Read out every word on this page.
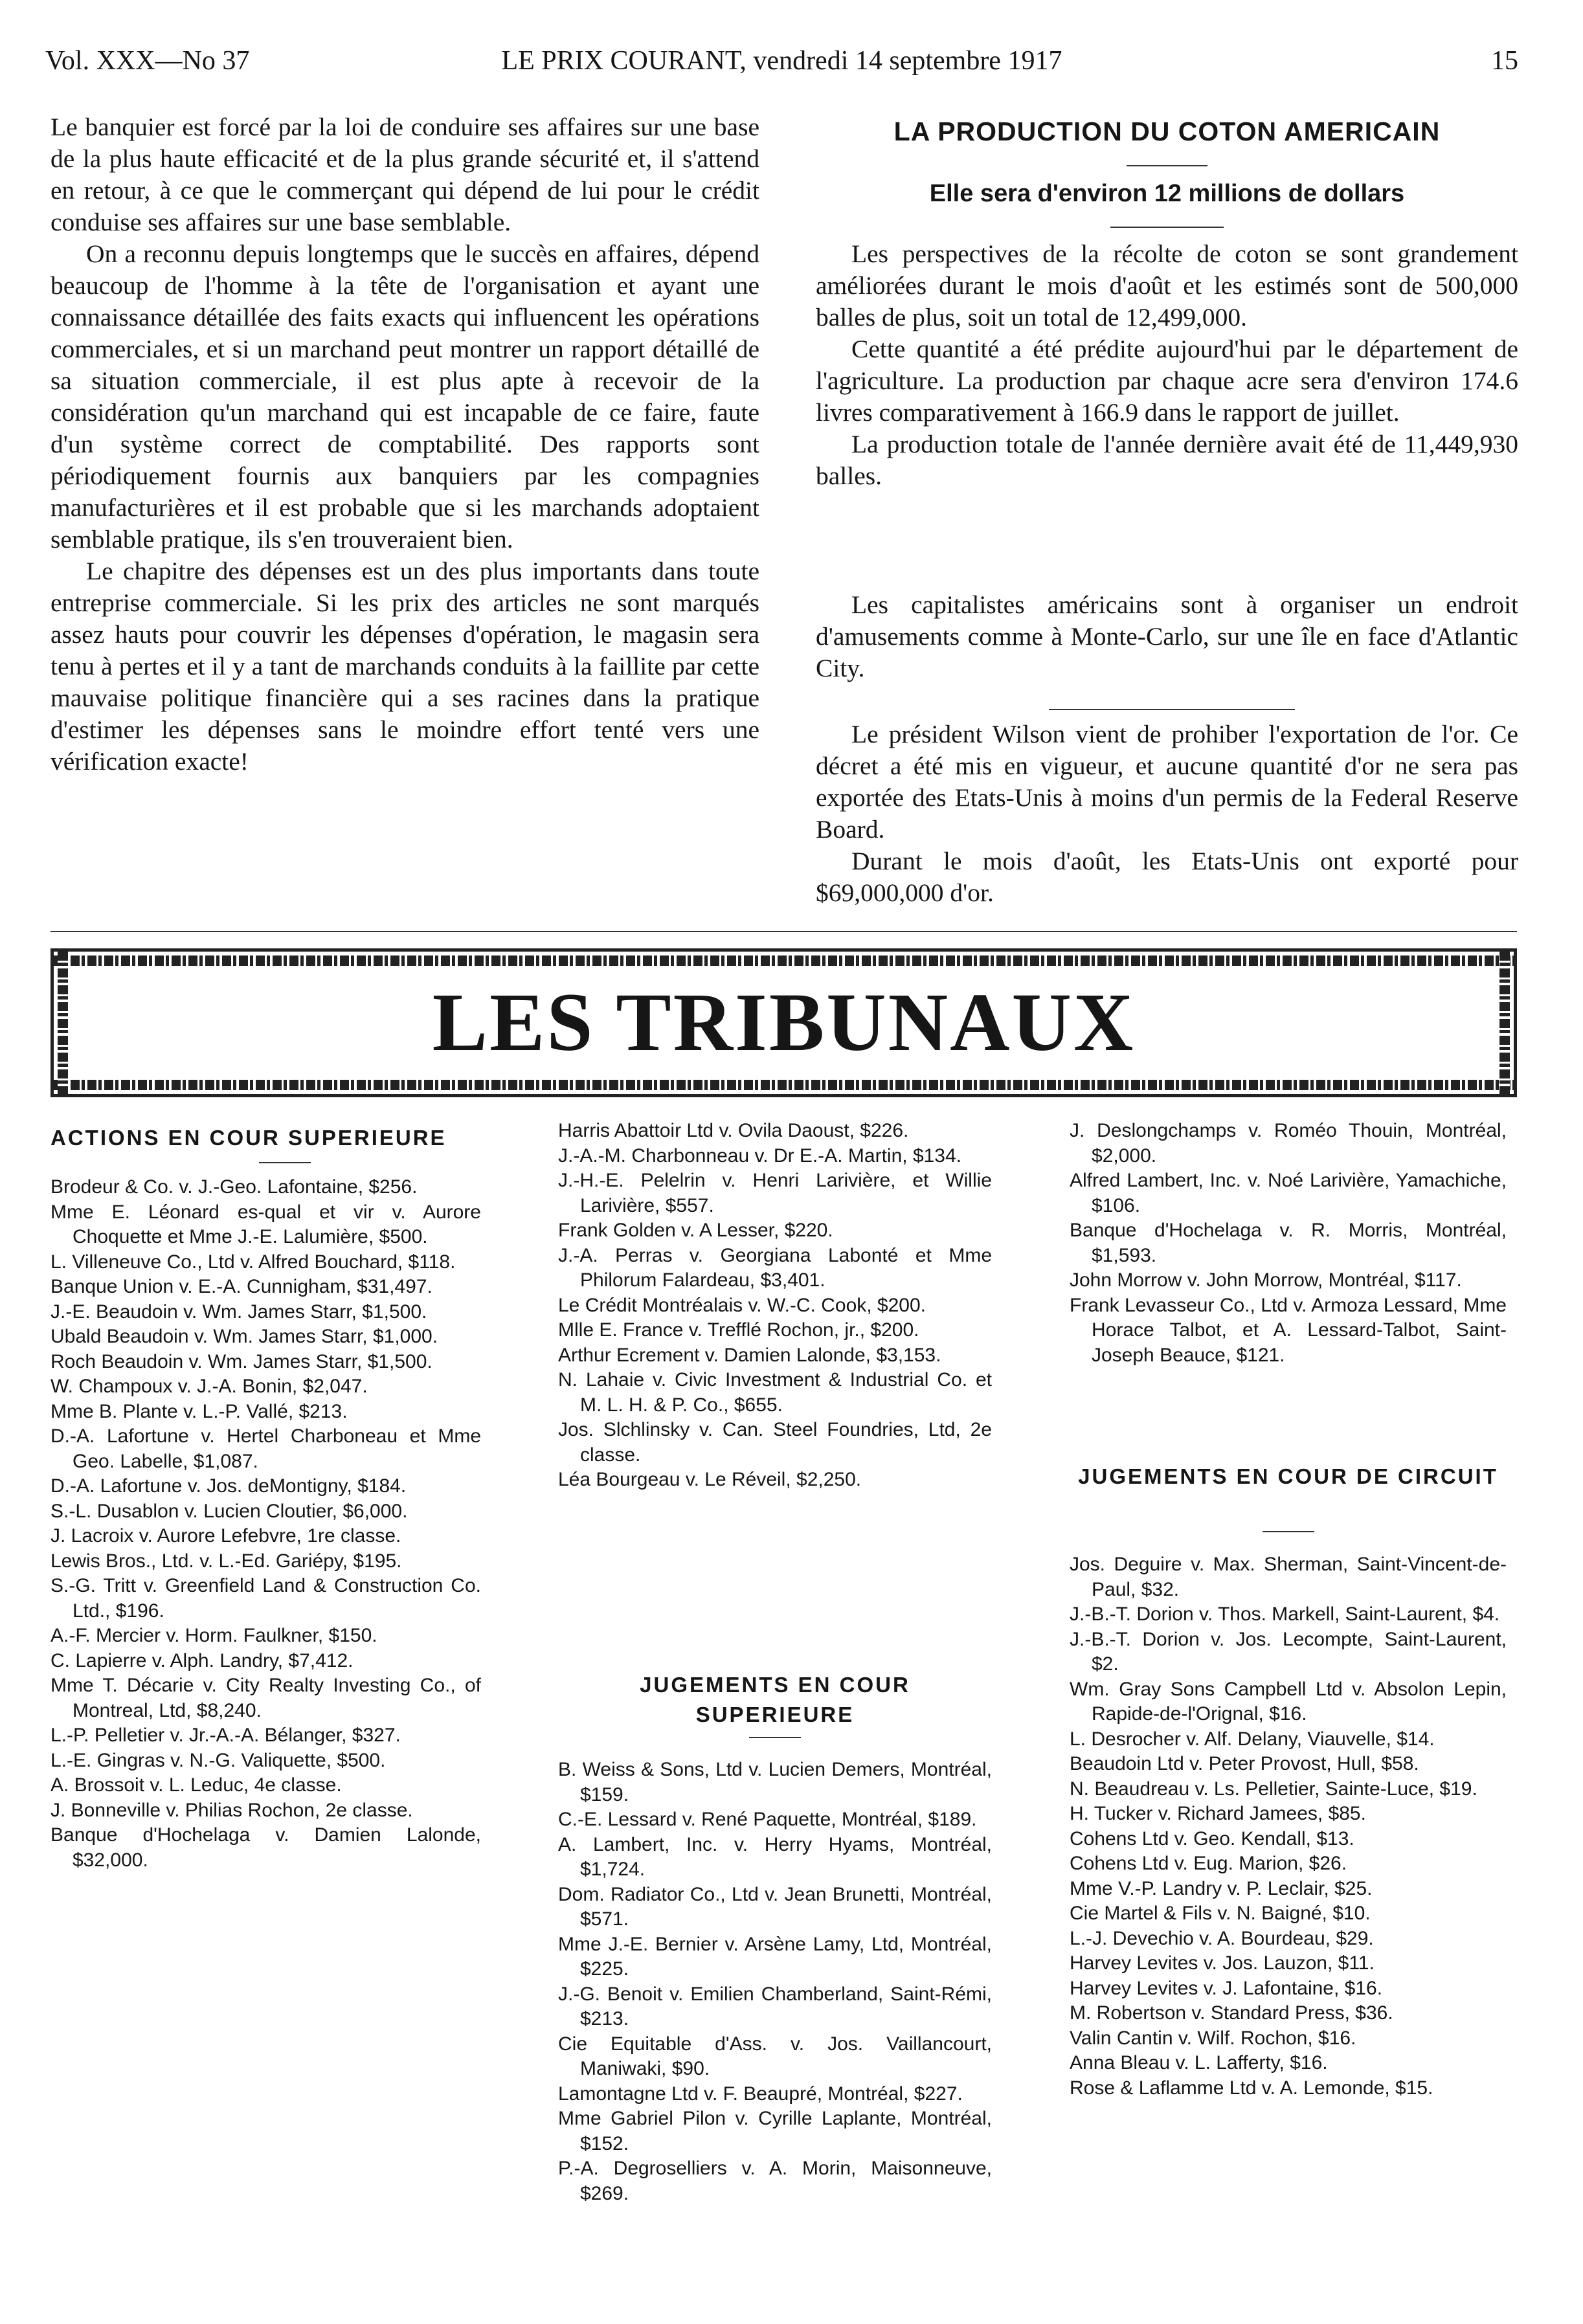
Vol. XXX—No 37	LE PRIX COURANT, vendredi 14 septembre 1917	15

Le banquier est forcé par la loi de conduire ses affaires sur une base de la plus haute efficacité et de la plus grande sécurité et, il s'attend en retour, à ce que le commerçant qui dépend de lui pour le crédit conduise ses affaires sur une base semblable.

On a reconnu depuis longtemps que le succès en affaires, dépend beaucoup de l'homme à la tête de l'organisation et ayant une connaissance détaillée des faits exacts qui influencent les opérations commerciales, et si un marchand peut montrer un rapport détaillé de sa situation commerciale, il est plus apte à recevoir de la considération qu'un marchand qui est incapable de ce faire, faute d'un système correct de comptabilité. Des rapports sont périodiquement fournis aux banquiers par les compagnies manufacturières et il est probable que si les marchands adoptaient semblable pratique, ils s'en trouveraient bien.

Le chapitre des dépenses est un des plus importants dans toute entreprise commerciale. Si les prix des articles ne sont marqués assez hauts pour couvrir les dépenses d'opération, le magasin sera tenu à pertes et il y a tant de marchands conduits à la faillite par cette mauvaise politique financière qui a ses racines dans la pratique d'estimer les dépenses sans le moindre effort tenté vers une vérification exacte!

LA PRODUCTION DU COTON AMERICAIN
Elle sera d'environ 12 millions de dollars

Les perspectives de la récolte de coton se sont grandement améliorées durant le mois d'août et les estimés sont de 500,000 balles de plus, soit un total de 12,499,000.

Cette quantité a été prédite aujourd'hui par le département de l'agriculture. La production par chaque acre sera d'environ 174.6 livres comparativement à 166.9 dans le rapport de juillet.

La production totale de l'année dernière avait été de 11,449,930 balles.

Les capitalistes américains sont à organiser un endroit d'amusements comme à Monte-Carlo, sur une île en face d'Atlantic City.

Le président Wilson vient de prohiber l'exportation de l'or. Ce décret a été mis en vigueur, et aucune quantité d'or ne sera pas exportée des Etats-Unis à moins d'un permis de la Federal Reserve Board.

Durant le mois d'août, les Etats-Unis ont exporté pour $69,000,000 d'or.

LES TRIBUNAUX
ACTIONS EN COUR SUPERIEURE

Brodeur & Co. v. J.-Geo. Lafontaine, $256.

Mme E. Léonard es-qual et vir v. Aurore Choquette et Mme J.-E. Lalumière, $500.

L. Villeneuve Co., Ltd v. Alfred Bouchard, $118.

Banque Union v. E.-A. Cunnigham, $31,497.

J.-E. Beaudoin v. Wm. James Starr, $1,500.

Ubald Beaudoin v. Wm. James Starr, $1,000.

Roch Beaudoin v. Wm. James Starr, $1,500.

W. Champoux v. J.-A. Bonin, $2,047.

Mme B. Plante v. L.-P. Vallé, $213.

D.-A. Lafortune v. Hertel Charboneau et Mme Geo. Labelle, $1,087.

D.-A. Lafortune v. Jos. deMontigny, $184.

S.-L. Dusablon v. Lucien Cloutier, $6,000.

J. Lacroix v. Aurore Lefebvre, 1re classe.

Lewis Bros., Ltd. v. L.-Ed. Gariépy, $195.

S.-G. Tritt v. Greenfield Land & Construction Co. Ltd., $196.

A.-F. Mercier v. Horm. Faulkner, $150.

C. Lapierre v. Alph. Landry, $7,412.

Mme T. Décarie v. City Realty Investing Co., of Montreal, Ltd, $8,240.

L.-P. Pelletier v. Jr.-A.-A. Bélanger, $327.

L.-E. Gingras v. N.-G. Valiquette, $500.

A. Brossoit v. L. Leduc, 4e classe.

J. Bonneville v. Philias Rochon, 2e classe.

Banque d'Hochelaga v. Damien Lalonde, $32,000.

Harris Abattoir Ltd v. Ovila Daoust, $226.

J.-A.-M. Charbonneau v. Dr E.-A. Martin, $134.

J.-H.-E. Pelelrin v. Henri Larivière, et Willie Larivière, $557.

Frank Golden v. A Lesser, $220.

J.-A. Perras v. Georgiana Labonté et Mme Philorum Falardeau, $3,401.

Le Crédit Montréalais v. W.-C. Cook, $200.

Mlle E. France v. Trefflé Rochon, jr., $200.

Arthur Ecrement v. Damien Lalonde, $3,153.

N. Lahaie v. Civic Investment & Industrial Co. et M. L. H. & P. Co., $655.

Jos. Slchlinsky v. Can. Steel Foundries, Ltd, 2e classe.

Léa Bourgeau v. Le Réveil, $2,250.

JUGEMENTS EN COUR SUPERIEURE

B. Weiss & Sons, Ltd v. Lucien Demers, Montréal, $159.

C.-E. Lessard v. René Paquette, Montréal, $189.

A. Lambert, Inc. v. Herry Hyams, Montréal, $1,724.

Dom. Radiator Co., Ltd v. Jean Brunetti, Montréal, $571.

Mme J.-E. Bernier v. Arsène Lamy, Ltd, Montréal, $225.

J.-G. Benoit v. Emilien Chamberland, Saint-Rémi, $213.

Cie Equitable d'Ass. v. Jos. Vaillancourt, Maniwaki, $90.

Lamontagne Ltd v. F. Beaupré, Montréal, $227.

Mme Gabriel Pilon v. Cyrille Laplante, Montréal, $152.

P.-A. Degroselliers v. A. Morin, Maisonneuve, $269.

J. Deslongchamps v. Roméo Thouin, Montréal, $2,000.

Alfred Lambert, Inc. v. Noé Larivière, Yamachiche, $106.

Banque d'Hochelaga v. R. Morris, Montréal, $1,593.

John Morrow v. John Morrow, Montréal, $117.

Frank Levasseur Co., Ltd v. Armoza Lessard, Mme Horace Talbot, et A. Lessard-Talbot, Saint-Joseph Beauce, $121.

JUGEMENTS EN COUR DE CIRCUIT

Jos. Deguire v. Max. Sherman, Saint-Vincent-de-Paul, $32.

J.-B.-T. Dorion v. Thos. Markell, Saint-Laurent, $4.

J.-B.-T. Dorion v. Jos. Lecompte, Saint-Laurent, $2.

Wm. Gray Sons Campbell Ltd v. Absolon Lepin, Rapide-de-l'Orignal, $16.

L. Desrocher v. Alf. Delany, Viauvelle, $14.

Beaudoin Ltd v. Peter Provost, Hull, $58.

N. Beaudreau v. Ls. Pelletier, Sainte-Luce, $19.

H. Tucker v. Richard Jamees, $85.

Cohens Ltd v. Geo. Kendall, $13.

Cohens Ltd v. Eug. Marion, $26.

Mme V.-P. Landry v. P. Leclair, $25.

Cie Martel & Fils v. N. Baigné, $10.

L.-J. Devechio v. A. Bourdeau, $29.

Harvey Levites v. Jos. Lauzon, $11.

Harvey Levites v. J. Lafontaine, $16.

M. Robertson v. Standard Press, $36.

Valin Cantin v. Wilf. Rochon, $16.

Anna Bleau v. L. Lafferty, $16.

Rose & Laflamme Ltd v. A. Lemonde, $15.
